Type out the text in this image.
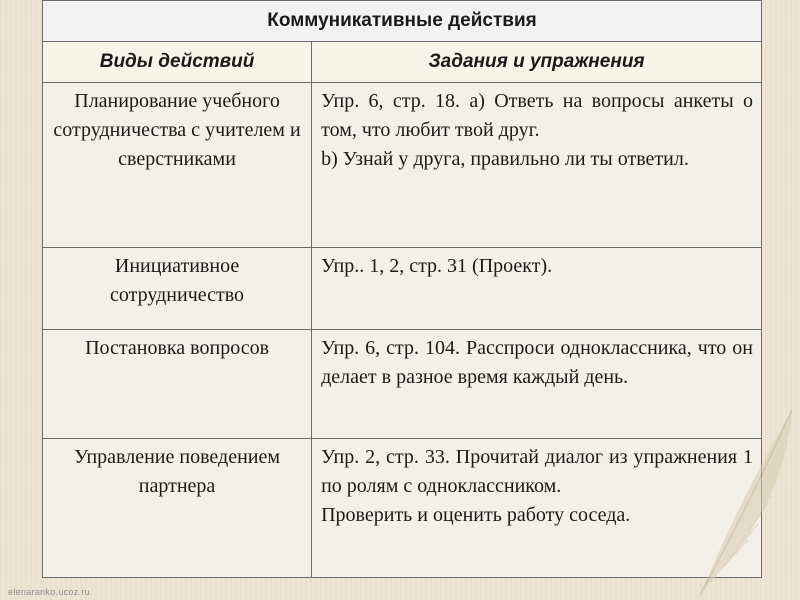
Коммуникативные действия	
Виды действий	Задания и упражнения
Планирование учебного сотрудничества с учителем и сверстниками	Упр. 6, стр. 18. а) Ответь на вопросы анкеты о том, что любит твой друг.
b) Узнай у друга, правильно ли ты ответил.

Инициативное сотрудничество	Упр.. 1, 2, стр. 31 (Проект).

Постановка вопросов	Упр. 6, стр. 104. Расспроси одноклассника, что он делает в разное время каждый день.

Управление поведением партнера	Упр. 2, стр. 33. Прочитай диалог из упражнения 1 по ролям с одноклассником.
Проверить и оценить работу соседа.
elenaranko.ucoz.ru
